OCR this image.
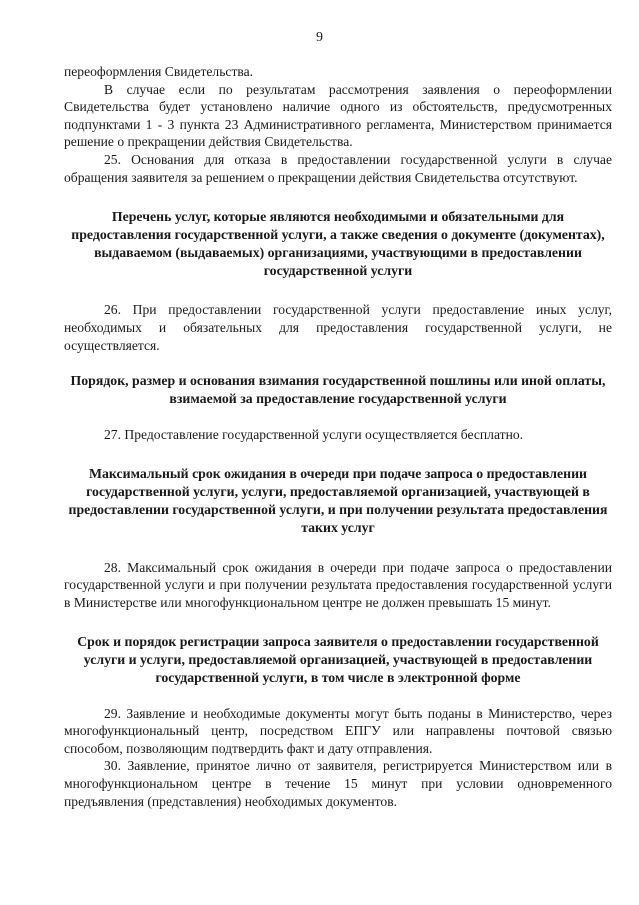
9

переоформления Свидетельства.

В случае если по результатам рассмотрения заявления о переоформлении Свидетельства будет установлено наличие одного из обстоятельств, предусмотренных подпунктами 1 - 3 пункта 23 Административного регламента, Министерством принимается решение о прекращении действия Свидетельства.

25. Основания для отказа в предоставлении государственной услуги в случае обращения заявителя за решением о прекращении действия Свидетельства отсутствуют.

Перечень услуг, которые являются необходимыми и обязательными для предоставления государственной услуги, а также сведения о документе (документах), выдаваемом (выдаваемых) организациями, участвующими в предоставлении государственной услуги

26. При предоставлении государственной услуги предоставление иных услуг, необходимых и обязательных для предоставления государственной услуги, не осуществляется.

Порядок, размер и основания взимания государственной пошлины или иной оплаты, взимаемой за предоставление государственной услуги

27. Предоставление государственной услуги осуществляется бесплатно.

Максимальный срок ожидания в очереди при подаче запроса о предоставлении государственной услуги, услуги, предоставляемой организацией, участвующей в предоставлении государственной услуги, и при получении результата предоставления таких услуг

28. Максимальный срок ожидания в очереди при подаче запроса о предоставлении государственной услуги и при получении результата предоставления государственной услуги в Министерстве или многофункциональном центре не должен превышать 15 минут.

Срок и порядок регистрации запроса заявителя о предоставлении государственной услуги и услуги, предоставляемой организацией, участвующей в предоставлении государственной услуги, в том числе в электронной форме

29. Заявление и необходимые документы могут быть поданы в Министерство, через многофункциональный центр, посредством ЕПГУ или направлены почтовой связью способом, позволяющим подтвердить факт и дату отправления.

30. Заявление, принятое лично от заявителя, регистрируется Министерством или в многофункциональном центре в течение 15 минут при условии одновременного предъявления (представления) необходимых документов.
